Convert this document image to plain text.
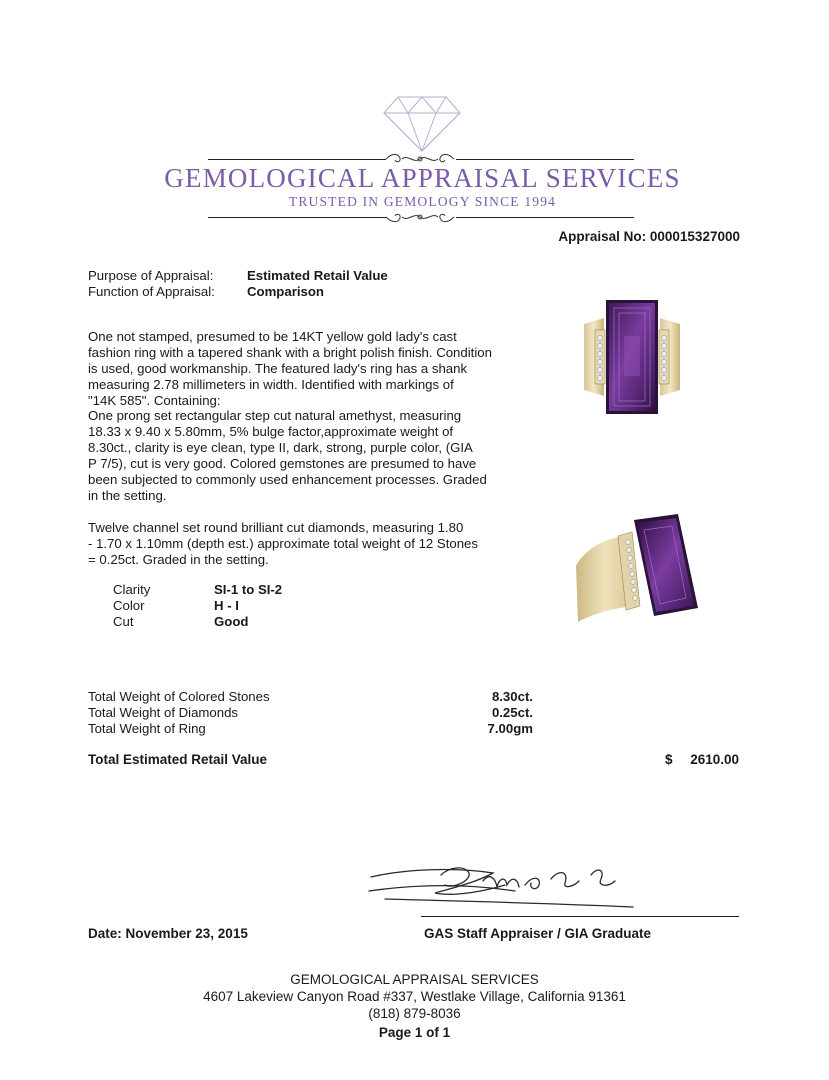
GEMOLOGICAL APPRAISAL SERVICES
TRUSTED IN GEMOLOGY SINCE 1994
Appraisal No: 000015327000
Purpose of Appraisal:	Estimated Retail Value
Function of Appraisal:	Comparison
One not stamped, presumed to be 14KT yellow gold lady's cast
fashion ring with a tapered shank with a bright polish finish. Condition
is used, good workmanship. The featured lady's ring has a shank
measuring 2.78 millimeters in width. Identified with markings of
"14K 585". Containing:
One prong set rectangular step cut natural amethyst, measuring
18.33 x 9.40 x 5.80mm, 5% bulge factor,approximate weight of
8.30ct., clarity is eye clean, type II, dark, strong, purple color, (GIA
P 7/5), cut is very good. Colored gemstones are presumed to have
been subjected to commonly used enhancement processes. Graded
in the setting.
Twelve channel set round brilliant cut diamonds, measuring 1.80
- 1.70 x 1.10mm (depth est.) approximate total weight of 12 Stones
= 0.25ct. Graded in the setting.
Clarity	SI-1 to SI-2
Color	H - I
Cut	Good
Total Weight of Colored Stones	8.30ct.
Total Weight of Diamonds	0.25ct.
Total Weight of Ring	7.00gm
Total Estimated Retail Value	$ 2610.00
Date: November 23, 2015	GAS Staff Appraiser / GIA Graduate
GEMOLOGICAL APPRAISAL SERVICES
4607 Lakeview Canyon Road #337, Westlake Village, California 91361
(818) 879-8036
Page 1 of 1
